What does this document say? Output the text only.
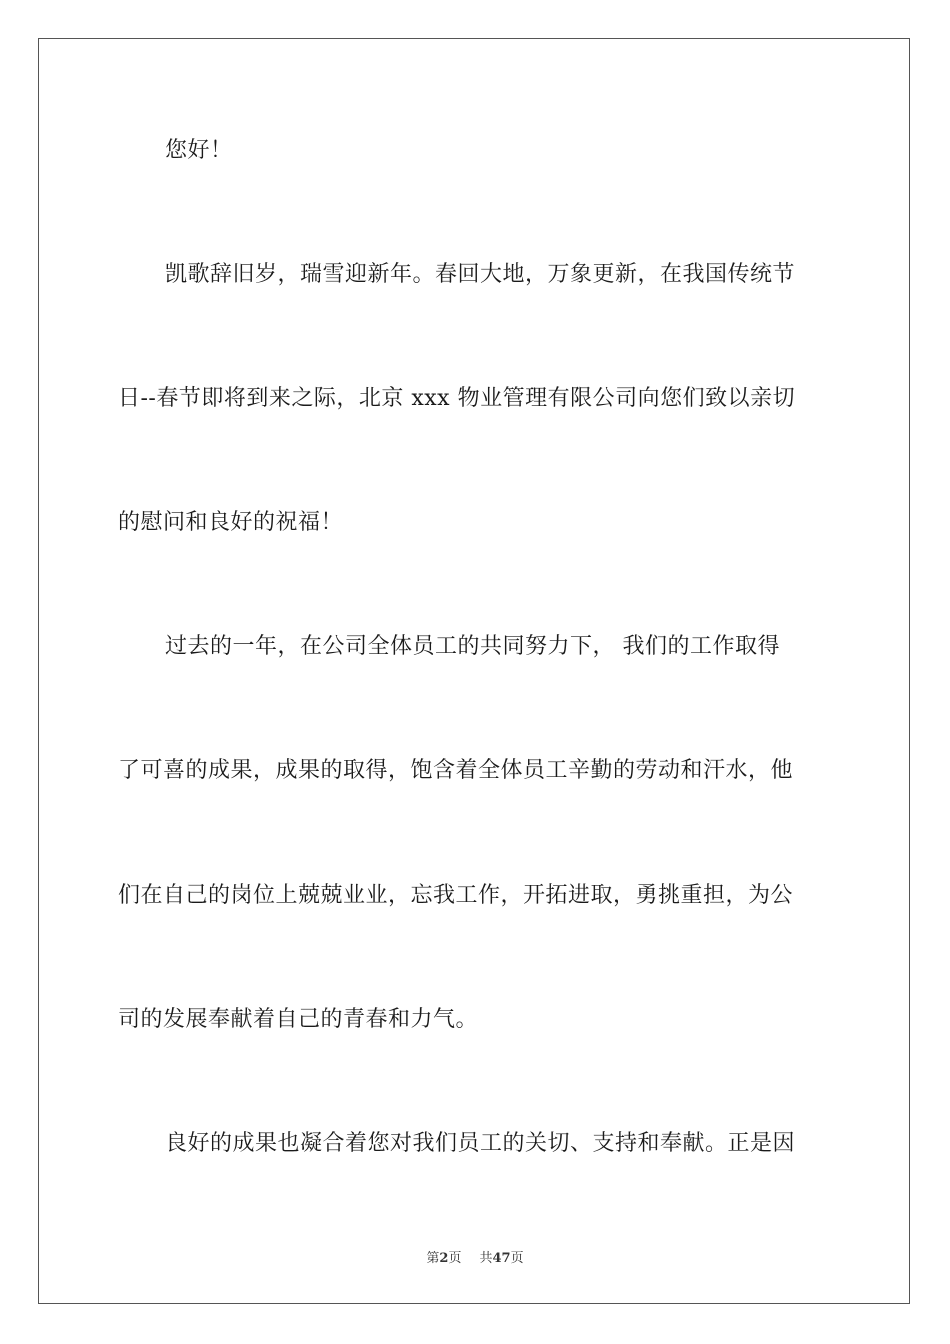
您好！
凯歌辞旧岁，瑞雪迎新年。春回大地，万象更新，在我国传统节
日--春节即将到来之际，北京 xxx 物业管理有限公司向您们致以亲切
的慰问和良好的祝福！
过去的一年，在公司全体员工的共同努力下， 我们的工作取得
了可喜的成果，成果的取得，饱含着全体员工辛勤的劳动和汗水，他
们在自己的岗位上兢兢业业，忘我工作，开拓进取，勇挑重担，为公
司的发展奉献着自己的青春和力气。
良好的成果也凝合着您对我们员工的关切、支持和奉献。正是因
第2页 共47页
